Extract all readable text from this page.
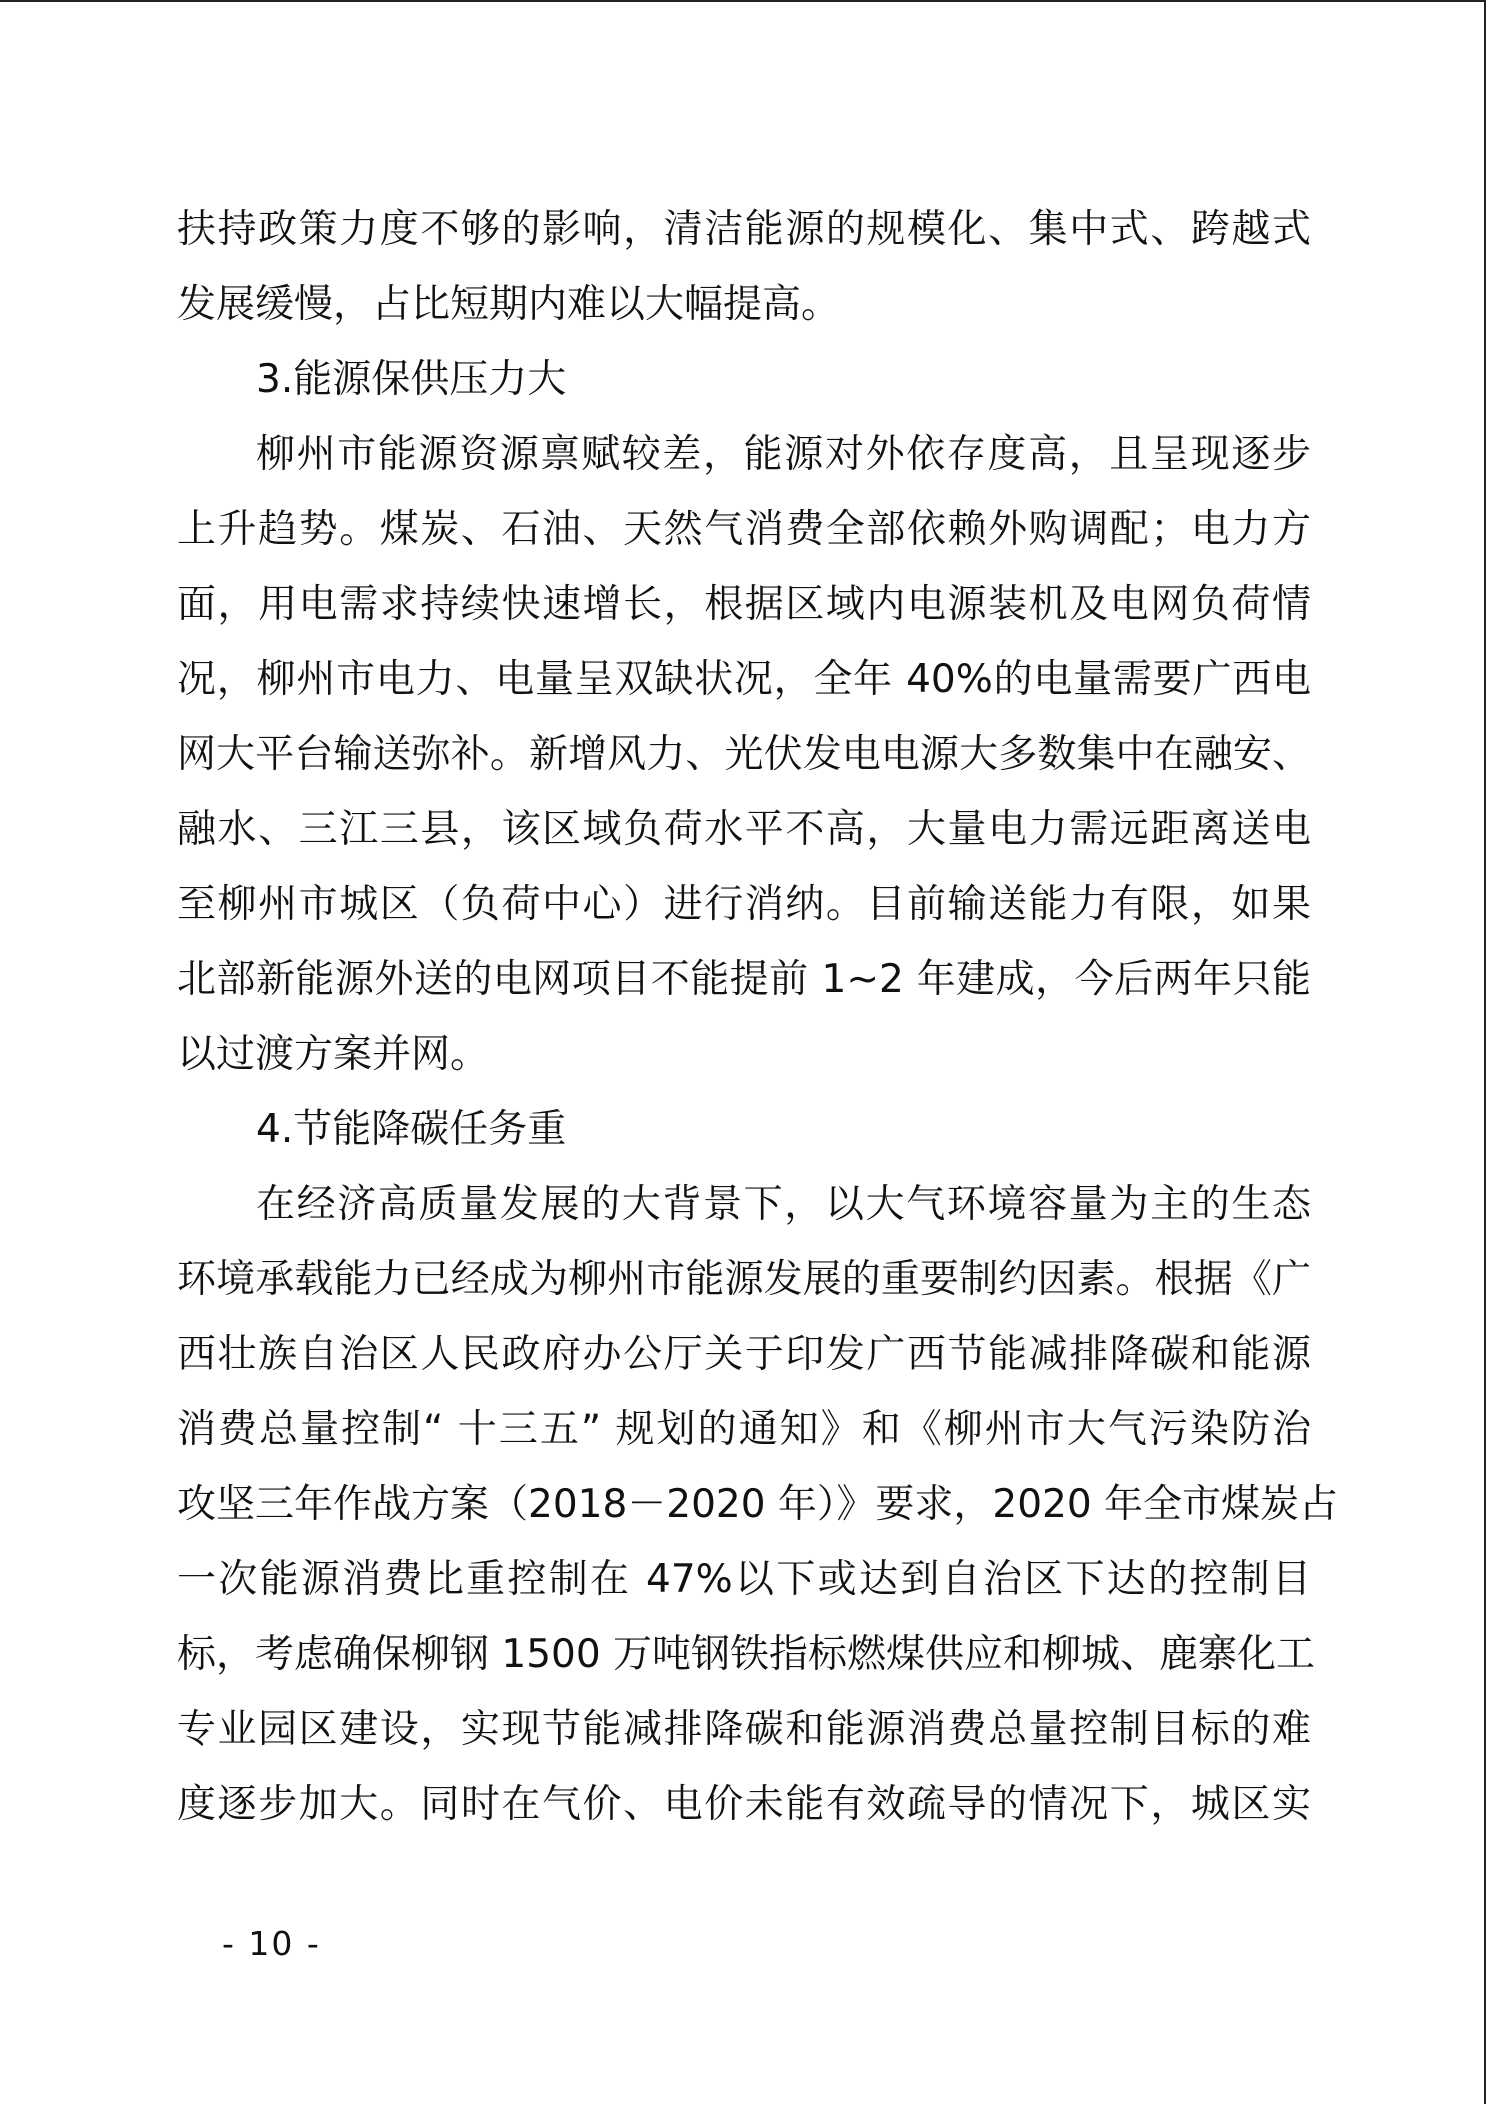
扶持政策力度不够的影响，清洁能源的规模化、集中式、跨越式
发展缓慢，占比短期内难以大幅提高。
3.能源保供压力大
柳州市能源资源禀赋较差，能源对外依存度高，且呈现逐步
上升趋势。煤炭、石油、天然气消费全部依赖外购调配；电力方
面，用电需求持续快速增长，根据区域内电源装机及电网负荷情
况，柳州市电力、电量呈双缺状况，全年 40%的电量需要广西电
网大平台输送弥补。新增风力、光伏发电电源大多数集中在融安、
融水、三江三县，该区域负荷水平不高，大量电力需远距离送电
至柳州市城区（负荷中心）进行消纳。目前输送能力有限，如果
北部新能源外送的电网项目不能提前 1~2 年建成，今后两年只能
以过渡方案并网。
4.节能降碳任务重
在经济高质量发展的大背景下，以大气环境容量为主的生态
环境承载能力已经成为柳州市能源发展的重要制约因素。根据《广
西壮族自治区人民政府办公厅关于印发广西节能减排降碳和能源
消费总量控制“ 十三五” 规划的通知》和《柳州市大气污染防治
攻坚三年作战方案（2018－2020 年）》要求，2020 年全市煤炭占
一次能源消费比重控制在 47%以下或达到自治区下达的控制目
标，考虑确保柳钢 1500 万吨钢铁指标燃煤供应和柳城、鹿寨化工
专业园区建设，实现节能减排降碳和能源消费总量控制目标的难
度逐步加大。同时在气价、电价未能有效疏导的情况下，城区实
- 10 -
